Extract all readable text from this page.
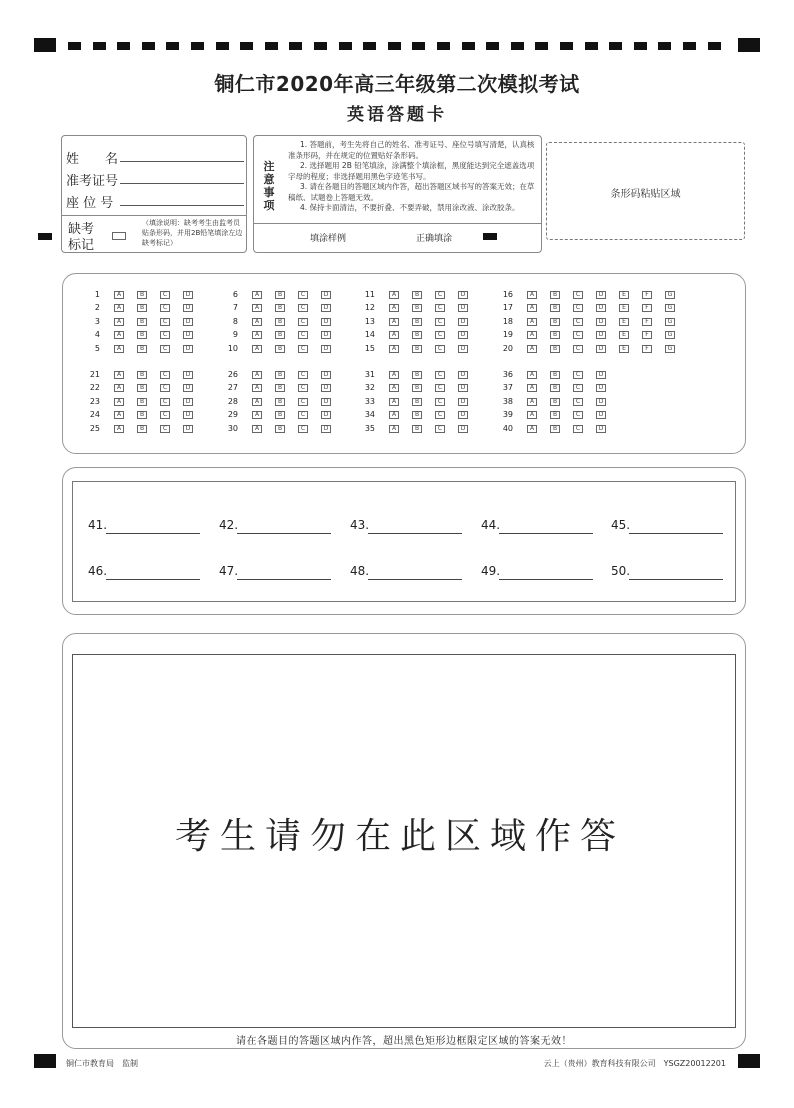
铜仁市2020年高三年级第二次模拟考试
英语答题卡
姓　　名
准考证号
座 位 号
缺考
标记
（填涂说明：缺考考生由监考员贴条形码，并用2B铅笔填涂左边缺考标记）
注
意
事
项

1. 答题前，考生先将自己的姓名、准考证号、座位号填写清楚，认真核准条形码，并在规定的位置贴好条形码。

2. 选择题用 2B 铅笔填涂，涂满整个填涂框，黑度能达到完全遮盖选项字母的程度；非选择题用黑色字迹笔书写。

3. 请在各题目的答题区域内作答，超出答题区域书写的答案无效；在草稿纸、试题卷上答题无效。

4. 保持卡面清洁，不要折叠、不要弄破，禁用涂改液、涂改胶条。

填涂样例	正确填涂
条形码粘贴区域
1	A	B	C	D
2	A	B	C	D
3	A	B	C	D
4	A	B	C	D
5	A	B	C	D
6	A	B	C	D
7	A	B	C	D
8	A	B	C	D
9	A	B	C	D
10	A	B	C	D
11	A	B	C	D
12	A	B	C	D
13	A	B	C	D
14	A	B	C	D
15	A	B	C	D
16	A	B	C	D	E	F	G
17	A	B	C	D	E	F	G
18	A	B	C	D	E	F	G
19	A	B	C	D	E	F	G
20	A	B	C	D	E	F	G
21	A	B	C	D
22	A	B	C	D
23	A	B	C	D
24	A	B	C	D
25	A	B	C	D
26	A	B	C	D
27	A	B	C	D
28	A	B	C	D
29	A	B	C	D
30	A	B	C	D
31	A	B	C	D
32	A	B	C	D
33	A	B	C	D
34	A	B	C	D
35	A	B	C	D
36	A	B	C	D
37	A	B	C	D
38	A	B	C	D
39	A	B	C	D
40	A	B	C	D
41.	42.	43.	44.	45.
46.	47.	48.	49.	50.
考生请勿在此区域作答
请在各题目的答题区域内作答，超出黑色矩形边框限定区域的答案无效！
铜仁市教育局　监制	云上（贵州）教育科技有限公司　YSGZ20012201
